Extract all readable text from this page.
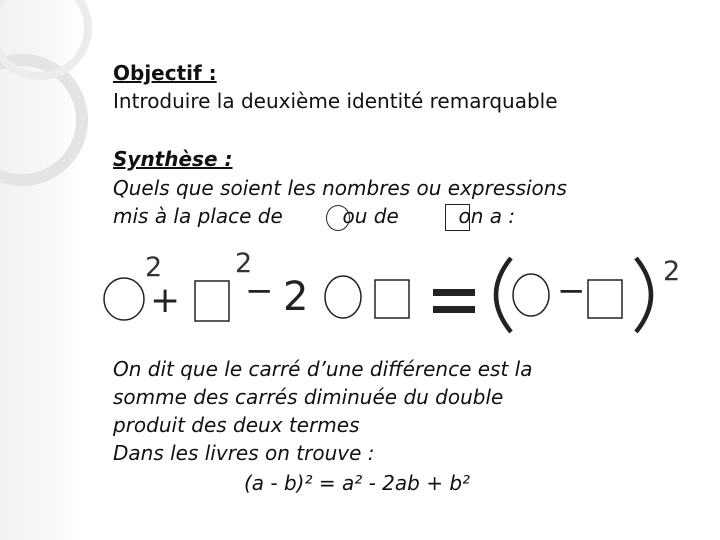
Objectif :
Introduire la deuxième identité remarquable
Synthèse :
Quels que soient les nombres ou expressions
mis à la place de	ou de	on a :
2
+
2
− 2	−	2
On dit que le carré d’une différence est la
somme des carrés diminuée du double
produit des deux termes
Dans les livres on trouve :
(a - b)² = a² - 2ab + b²
